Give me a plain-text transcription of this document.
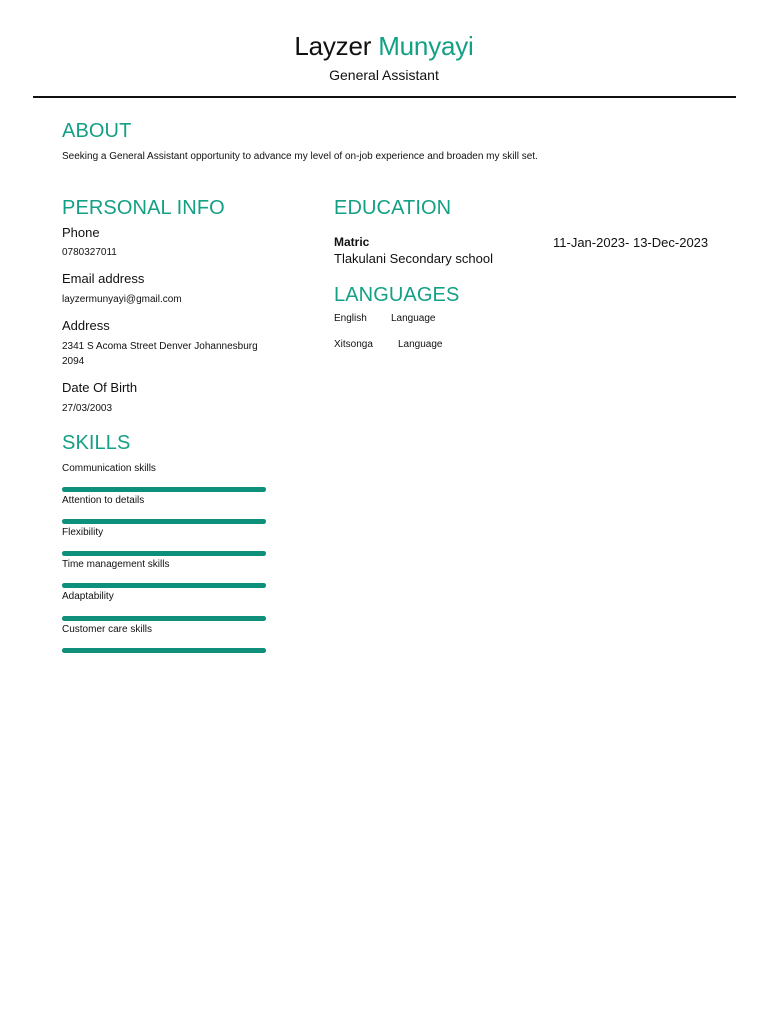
Layzer Munyayi
General Assistant
ABOUT
Seeking a General Assistant opportunity to advance my level of on-job experience and broaden my skill set.
PERSONAL INFO
Phone
0780327011
Email address
layzermunyayi@gmail.com
Address
2341 S Acoma Street Denver Johannesburg
2094
Date Of Birth
27/03/2003
SKILLS
Communication skills
Attention to details
Flexibility
Time management skills
Adaptability
Customer care skills
EDUCATION
Matric	11-Jan-2023- 13-Dec-2023
Tlakulani Secondary school
LANGUAGES
English Language
Xitsonga	Language
